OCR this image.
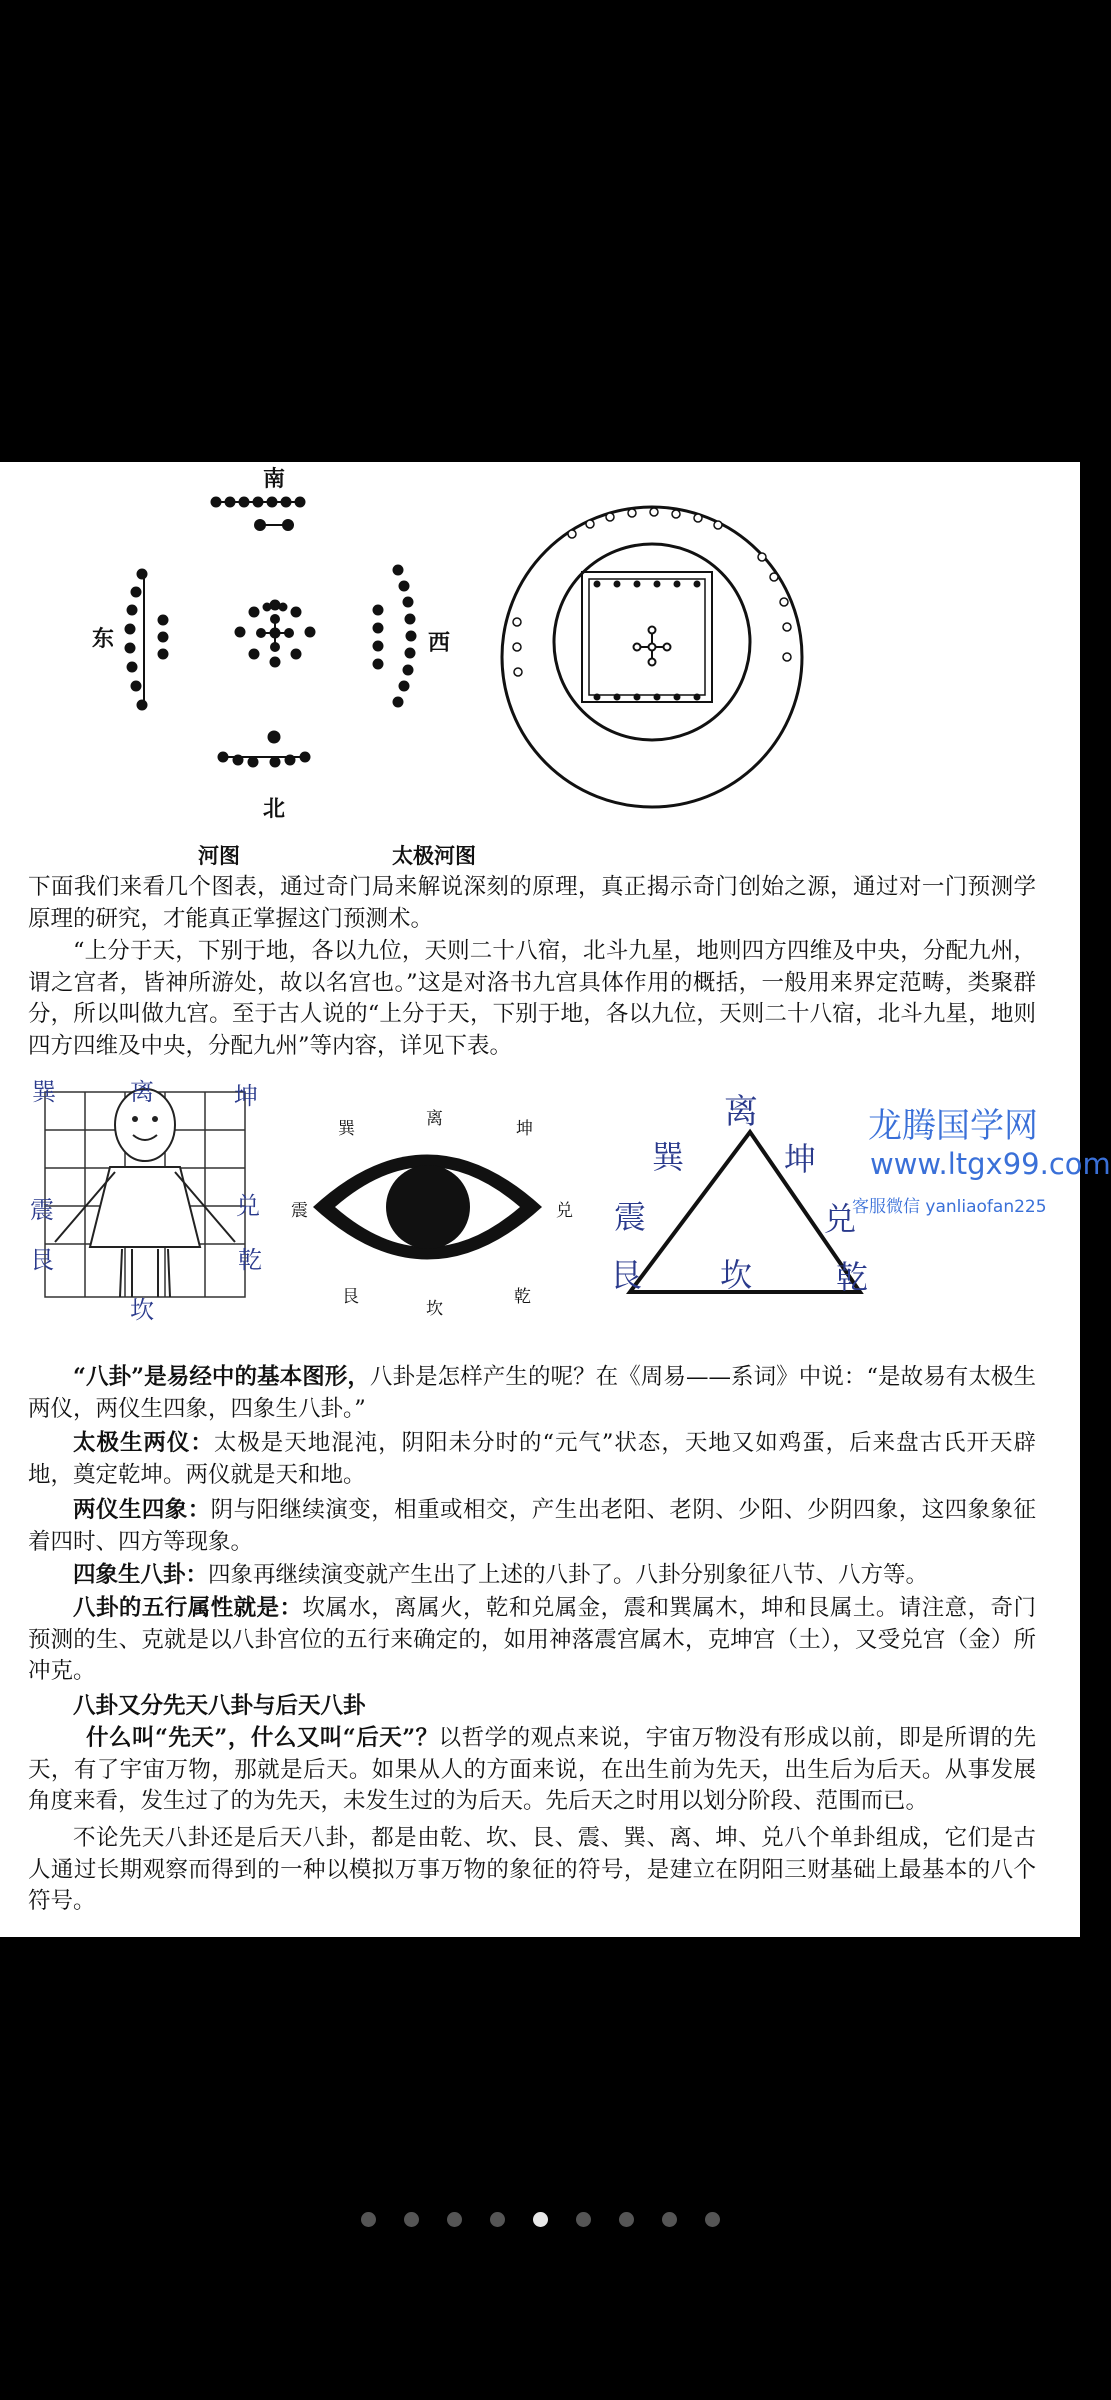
南
北
东	西
河图	太极河图
下面我们来看几个图表，通过奇门局来解说深刻的原理，真正揭示奇门创始之源，通过对一门预测学原理的研究，才能真正掌握这门预测术。
“上分于天，下别于地，各以九位，天则二十八宿，北斗九星，地则四方四维及中央，分配九州，谓之宫者，皆神所游处，故以名宫也。”这是对洛书九宫具体作用的概括，一般用来界定范畴，类聚群分，所以叫做九宫。至于古人说的“上分于天，下别于地，各以九位，天则二十八宿，北斗九星，地则四方四维及中央，分配九州”等内容，详见下表。
巽	离	坤
震	兑
艮	乾
坎
巽	离	坤
震	兑
艮
坎
乾
离
巽	坤
震	兑
艮 坎	乾
龙腾国学网
www.ltgx99.com
客服微信 yanliaofan225
“八卦”是易经中的基本图形，八卦是怎样产生的呢？在《周易——系词》中说：“是故易有太极生两仪，两仪生四象，四象生八卦。”
太极生两仪：太极是天地混沌，阴阳未分时的“元气”状态，天地又如鸡蛋，后来盘古氏开天辟地，奠定乾坤。两仪就是天和地。
两仪生四象：阴与阳继续演变，相重或相交，产生出老阳、老阴、少阳、少阴四象，这四象象征着四时、四方等现象。
四象生八卦：四象再继续演变就产生出了上述的八卦了。八卦分别象征八节、八方等。
八卦的五行属性就是：坎属水，离属火，乾和兑属金，震和巽属木，坤和艮属土。请注意，奇门预测的生、克就是以八卦宫位的五行来确定的，如用神落震宫属木，克坤宫（土），又受兑宫（金）所冲克。
八卦又分先天八卦与后天八卦
什么叫“先天”，什么又叫“后天”？以哲学的观点来说，宇宙万物没有形成以前，即是所谓的先天，有了宇宙万物，那就是后天。如果从人的方面来说，在出生前为先天，出生后为后天。从事发展角度来看，发生过了的为先天，未发生过的为后天。先后天之时用以划分阶段、范围而已。
不论先天八卦还是后天八卦，都是由乾、坎、艮、震、巽、离、坤、兑八个单卦组成，它们是古人通过长期观察而得到的一种以模拟万事万物的象征的符号，是建立在阴阳三财基础上最基本的八个符号。
